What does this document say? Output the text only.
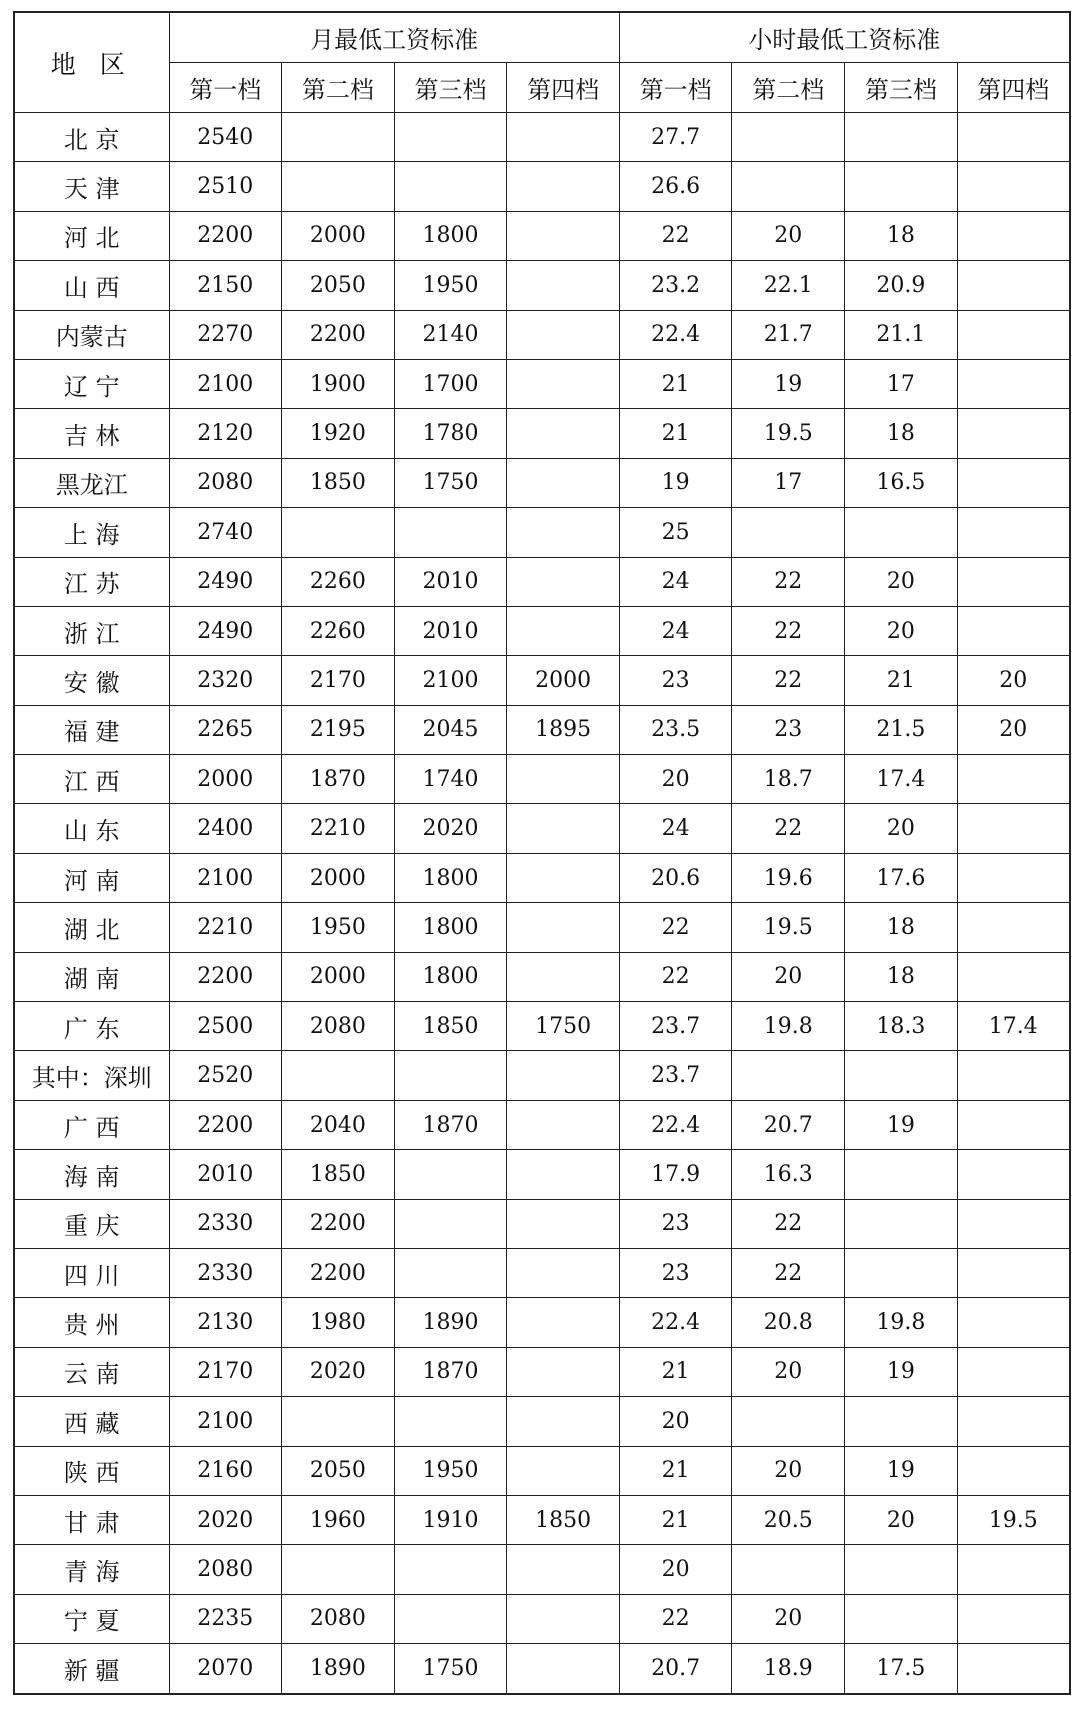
地 区	月最低工资标准				小时最低工资标准			
	第一档	第二档	第三档	第四档	第一档	第二档	第三档	第四档
北 京	2540				27.7			
天 津	2510				26.6			
河 北	2200	2000	1800		22	20	18	
山 西	2150	2050	1950		23.2	22.1	20.9	
内蒙古	2270	2200	2140		22.4	21.7	21.1	
辽 宁	2100	1900	1700		21	19	17	
吉 林	2120	1920	1780		21	19.5	18	
黑龙江	2080	1850	1750		19	17	16.5	
上 海	2740				25			
江 苏	2490	2260	2010		24	22	20	
浙 江	2490	2260	2010		24	22	20	
安 徽	2320	2170	2100	2000	23	22	21	20
福 建	2265	2195	2045	1895	23.5	23	21.5	20
江 西	2000	1870	1740		20	18.7	17.4	
山 东	2400	2210	2020		24	22	20	
河 南	2100	2000	1800		20.6	19.6	17.6	
湖 北	2210	1950	1800		22	19.5	18	
湖 南	2200	2000	1800		22	20	18	
广 东	2500	2080	1850	1750	23.7	19.8	18.3	17.4
其中：深圳	2520				23.7			
广 西	2200	2040	1870		22.4	20.7	19	
海 南	2010	1850			17.9	16.3		
重 庆	2330	2200			23	22		
四 川	2330	2200			23	22		
贵 州	2130	1980	1890		22.4	20.8	19.8	
云 南	2170	2020	1870		21	20	19	
西 藏	2100				20			
陕 西	2160	2050	1950		21	20	19	
甘 肃	2020	1960	1910	1850	21	20.5	20	19.5
青 海	2080				20			
宁 夏	2235	2080			22	20		
新 疆	2070	1890	1750		20.7	18.9	17.5	
